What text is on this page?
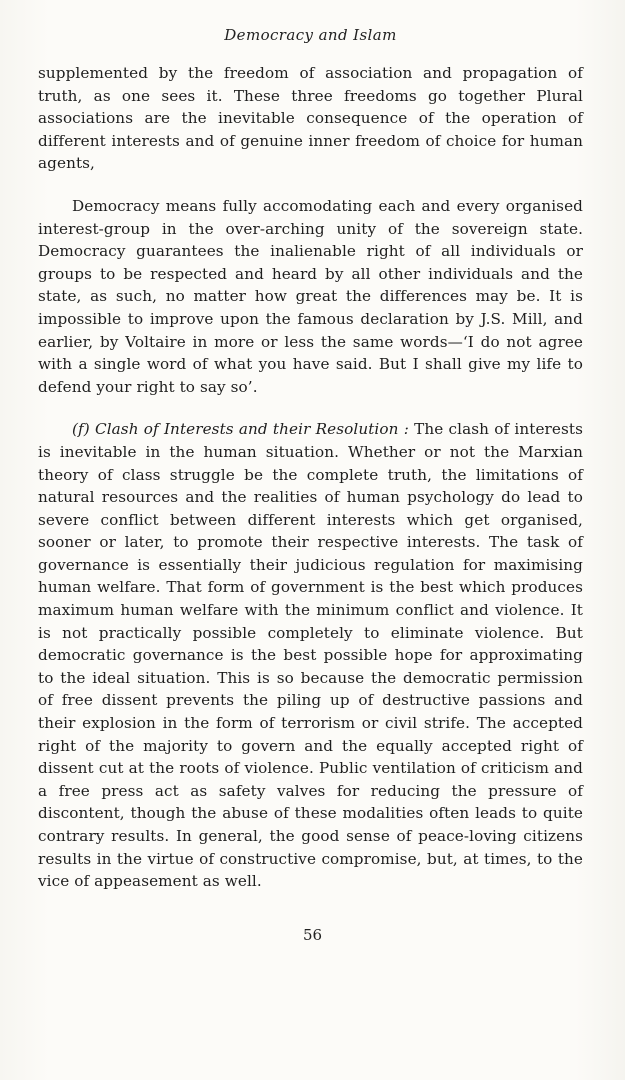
Democracy and Islam

supplemented by the freedom of association and propagation of truth, as one sees it. These three freedoms go together Plural associations are the inevitable consequence of the operation of different interests and of genuine inner freedom of choice for human agents,

Democracy means fully accomodating each and every organised interest-group in the over-arching unity of the sovereign state. Democracy guarantees the inalienable right of all individuals or groups to be respected and heard by all other individuals and the state, as such, no matter how great the differences may be. It is impossible to improve upon the famous declaration by J.S. Mill, and earlier, by Voltaire in more or less the same words—‘I do not agree with a single word of what you have said. But I shall give my life to defend your right to say so’.

(f) Clash of Interests and their Resolution : The clash of interests is inevitable in the human situation. Whether or not the Marxian theory of class struggle be the complete truth, the limitations of natural resources and the realities of human psychology do lead to severe conflict between different interests which get organised, sooner or later, to promote their respective interests. The task of governance is essentially their judicious regulation for maximising human welfare. That form of government is the best which produces maximum human welfare with the minimum conflict and violence. It is not practically possible completely to eliminate violence. But democratic governance is the best possible hope for approximating to the ideal situation. This is so because the democratic permission of free dissent prevents the piling up of destructive passions and their explosion in the form of terrorism or civil strife. The accepted right of the majority to govern and the equally accepted right of dissent cut at the roots of violence. Public ventilation of criticism and a free press act as safety valves for reducing the pressure of discontent, though the abuse of these modalities often leads to quite contrary results. In general, the good sense of peace-loving citizens results in the virtue of constructive compromise, but, at times, to the vice of appeasement as well.

56
